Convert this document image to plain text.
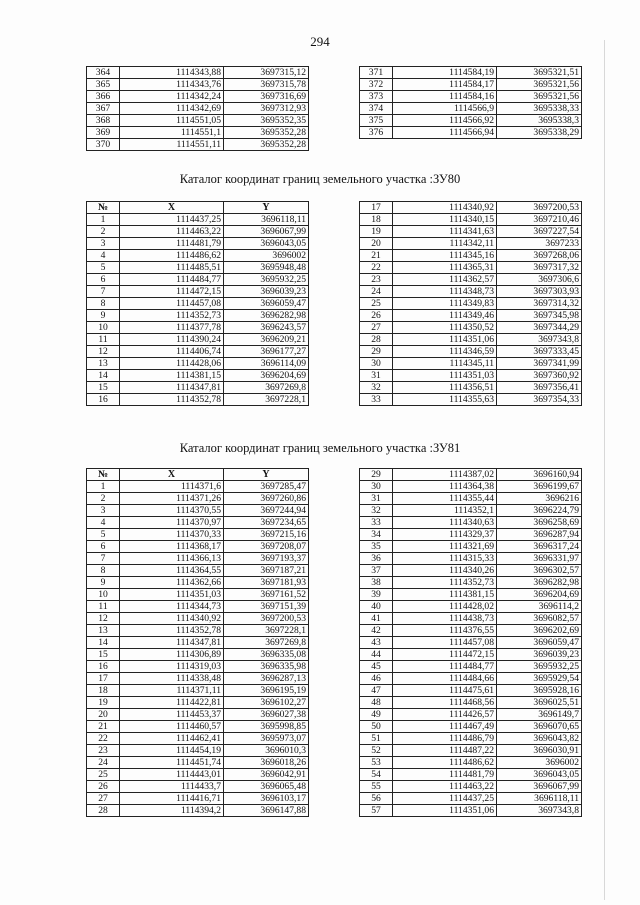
294
364	1114343,88	3697315,12
365	1114343,76	3697315,78
366	1114342,24	3697316,69
367	1114342,69	3697312,93
368	1114551,05	3695352,35
369	1114551,1	3695352,28
370	1114551,11	3695352,28
371	1114584,19	3695321,51
372	1114584,17	3695321,56
373	1114584,16	3695321,56
374	1114566,9	3695338,33
375	1114566,92	3695338,3
376	1114566,94	3695338,29
Каталог координат границ земельного участка :ЗУ80
№	X	Y
1	1114437,25	3696118,11
2	1114463,22	3696067,99
3	1114481,79	3696043,05
4	1114486,62	3696002
5	1114485,51	3695948,48
6	1114484,77	3695932,25
7	1114472,15	3696039,23
8	1114457,08	3696059,47
9	1114352,73	3696282,98
10	1114377,78	3696243,57
11	1114390,24	3696209,21
12	1114406,74	3696177,27
13	1114428,06	3696114,09
14	1114381,15	3696204,69
15	1114347,81	3697269,8
16	1114352,78	3697228,1
17	1114340,92	3697200,53
18	1114340,15	3697210,46
19	1114341,63	3697227,54
20	1114342,11	3697233
21	1114345,16	3697268,06
22	1114365,31	3697317,32
23	1114362,57	3697306,6
24	1114348,73	3697303,93
25	1114349,83	3697314,32
26	1114349,46	3697345,98
27	1114350,52	3697344,29
28	1114351,06	3697343,8
29	1114346,59	3697333,45
30	1114345,11	3697341,99
31	1114351,03	3697360,92
32	1114356,51	3697356,41
33	1114355,63	3697354,33
Каталог координат границ земельного участка :ЗУ81
№	X	Y
1	1114371,6	3697285,47
2	1114371,26	3697260,86
3	1114370,55	3697244,94
4	1114370,97	3697234,65
5	1114370,33	3697215,16
6	1114368,17	3697208,07
7	1114366,13	3697193,37
8	1114364,55	3697187,21
9	1114362,66	3697181,93
10	1114351,03	3697161,52
11	1114344,73	3697151,39
12	1114340,92	3697200,53
13	1114352,78	3697228,1
14	1114347,81	3697269,8
15	1114306,89	3696335,08
16	1114319,03	3696335,98
17	1114338,48	3696287,13
18	1114371,11	3696195,19
19	1114422,81	3696102,27
20	1114453,37	3696027,38
21	1114460,57	3695998,85
22	1114462,41	3695973,07
23	1114454,19	3696010,3
24	1114451,74	3696018,26
25	1114443,01	3696042,91
26	1114433,7	3696065,48
27	1114416,71	3696103,17
28	1114394,2	3696147,88
29	1114387,02	3696160,94
30	1114364,38	3696199,67
31	1114355,44	3696216
32	1114352,1	3696224,79
33	1114340,63	3696258,69
34	1114329,37	3696287,94
35	1114321,69	3696317,24
36	1114315,33	3696331,97
37	1114340,26	3696302,57
38	1114352,73	3696282,98
39	1114381,15	3696204,69
40	1114428,02	3696114,2
41	1114438,73	3696082,57
42	1114376,55	3696202,69
43	1114457,08	3696059,47
44	1114472,15	3696039,23
45	1114484,77	3695932,25
46	1114484,66	3695929,54
47	1114475,61	3695928,16
48	1114468,56	3696025,51
49	1114426,57	3696149,7
50	1114467,49	3696070,65
51	1114486,79	3696043,82
52	1114487,22	3696030,91
53	1114486,62	3696002
54	1114481,79	3696043,05
55	1114463,22	3696067,99
56	1114437,25	3696118,11
57	1114351,06	3697343,8
